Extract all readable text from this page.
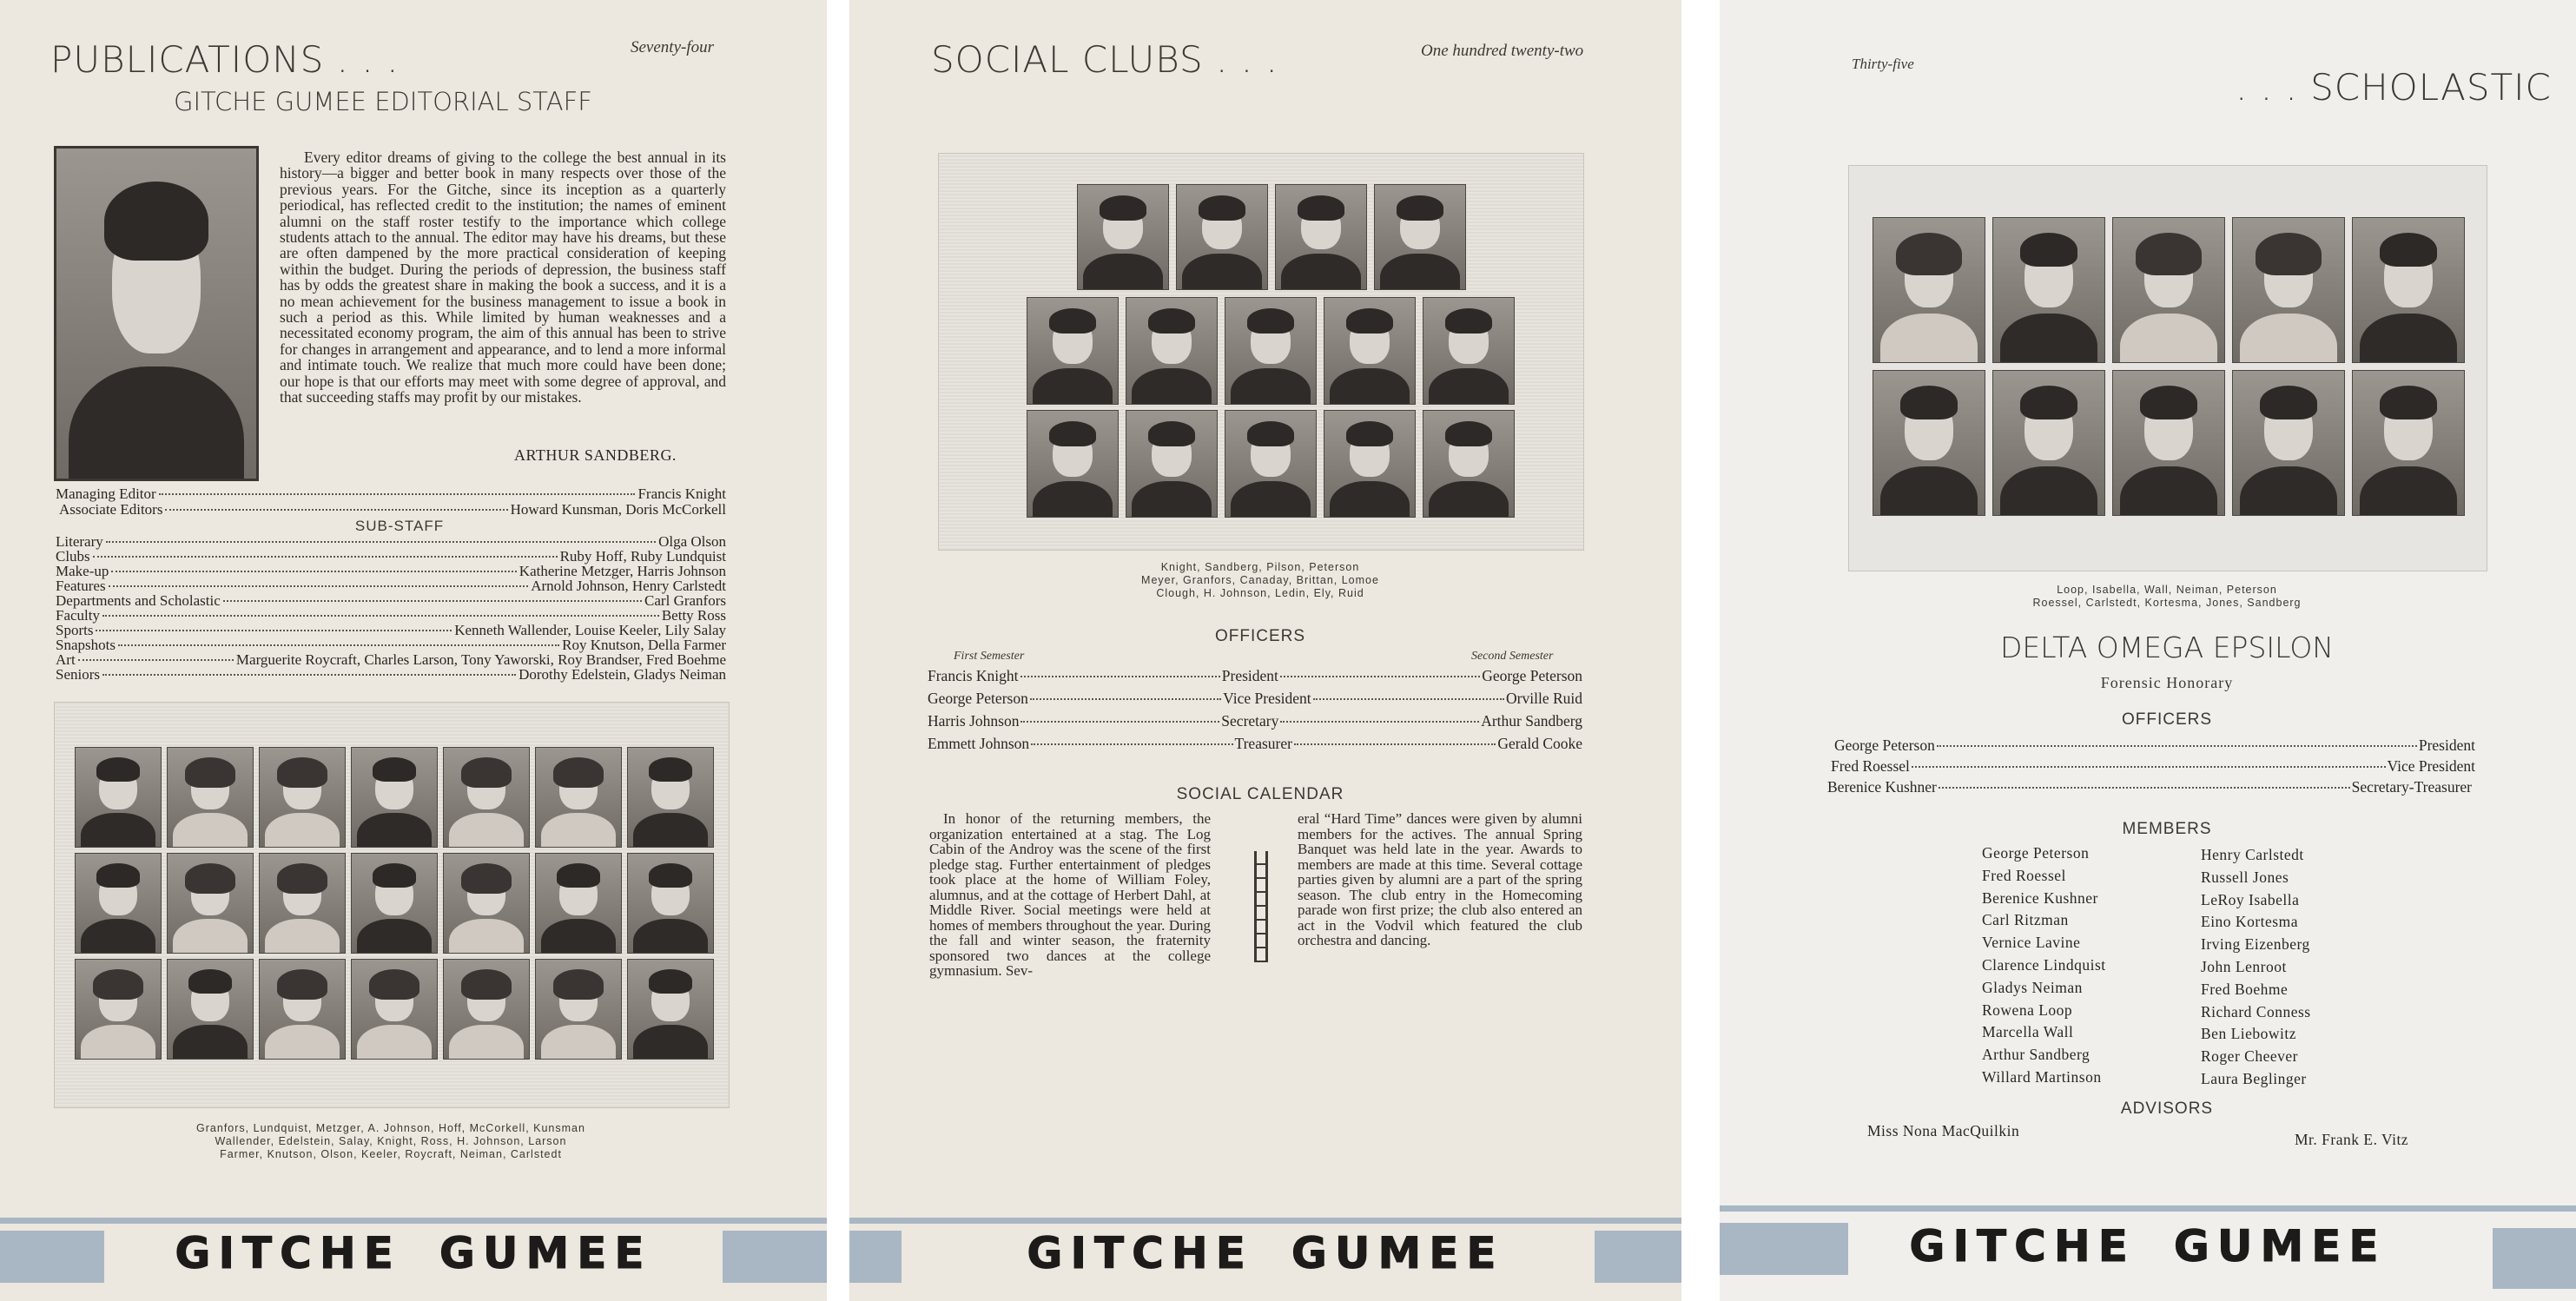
PUBLICATIONS . . .	Seventy-four
GITCHE GUMEE EDITORIAL STAFF

Every editor dreams of giving to the college the best annual in its history—a bigger and better book in many respects over those of the previous years. For the Gitche, since its inception as a quarterly periodical, has reflected credit to the institution; the names of eminent alumni on the staff roster testify to the importance which college students attach to the annual. The editor may have his dreams, but these are often dampened by the more practical consideration of keeping within the budget. During the periods of depression, the business staff has by odds the greatest share in making the book a success, and it is a no mean achievement for the business management to issue a book in such a period as this. While limited by human weaknesses and a necessitated economy program, the aim of this annual has been to strive for changes in arrangement and appearance, and to lend a more informal and intimate touch. We realize that much more could have been done; our hope is that our efforts may meet with some degree of approval, and that succeeding staffs may profit by our mistakes.

ARTHUR SANDBERG.
Managing Editor	Francis Knight
Associate Editors	Howard Kunsman, Doris McCorkell
SUB-STAFF
Literary	Olga Olson
Clubs	Ruby Hoff, Ruby Lundquist
Make-up	Katherine Metzger, Harris Johnson
Features	Arnold Johnson, Henry Carlstedt
Departments and Scholastic	Carl Granfors
Faculty	Betty Ross
Sports	Kenneth Wallender, Louise Keeler, Lily Salay
Snapshots	Roy Knutson, Della Farmer
Art	Marguerite Roycraft, Charles Larson, Tony Yaworski, Roy Brandser, Fred Boehme
Seniors	Dorothy Edelstein, Gladys Neiman
Granfors, Lundquist, Metzger, A. Johnson, Hoff, McCorkell, Kunsman
Wallender, Edelstein, Salay, Knight, Ross, H. Johnson, Larson
Farmer, Knutson, Olson, Keeler, Roycraft, Neiman, Carlstedt
GITCHE GUMEE
SOCIAL CLUBS . . .	One hundred twenty-two
Knight, Sandberg, Pilson, Peterson
Meyer, Granfors, Canaday, Brittan, Lomoe
Clough, H. Johnson, Ledin, Ely, Ruid
OFFICERS
First Semester	Second Semester
Francis Knight	President	George Peterson
George Peterson	Vice President	Orville Ruid
Harris Johnson	Secretary	Arthur Sandberg
Emmett Johnson	Treasurer	Gerald Cooke
SOCIAL CALENDAR

In honor of the returning members, the organization entertained at a stag. The Log Cabin of the Androy was the scene of the first pledge stag. Further entertainment of pledges took place at the home of William Foley, alumnus, and at the cottage of Herbert Dahl, at Middle River. Social meetings were held at homes of members throughout the year. During the fall and winter season, the fraternity sponsored two dances at the college gymnasium. Sev-

eral “Hard Time” dances were given by alumni members for the actives. The annual Spring Banquet was held late in the year. Awards to members are made at this time. Several cottage parties given by alumni are a part of the spring season. The club entry in the Homecoming parade won first prize; the club also entered an act in the Vodvil which featured the club orchestra and dancing.

GITCHE GUMEE
Thirty-five
. . . SCHOLASTIC
Loop, Isabella, Wall, Neiman, Peterson
Roessel, Carlstedt, Kortesma, Jones, Sandberg
DELTA OMEGA EPSILON
Forensic Honorary
OFFICERS
George Peterson	President
Fred Roessel	Vice President
Berenice Kushner	Secretary-Treasurer
MEMBERS
George Peterson
Fred Roessel
Berenice Kushner
Carl Ritzman
Vernice Lavine
Clarence Lindquist
Gladys Neiman
Rowena Loop
Marcella Wall
Arthur Sandberg
Willard Martinson
Henry Carlstedt
Russell Jones
LeRoy Isabella
Eino Kortesma
Irving Eizenberg
John Lenroot
Fred Boehme
Richard Conness
Ben Liebowitz
Roger Cheever
Laura Beglinger
ADVISORS
Miss Nona MacQuilkin	Mr. Frank E. Vitz
GITCHE GUMEE
